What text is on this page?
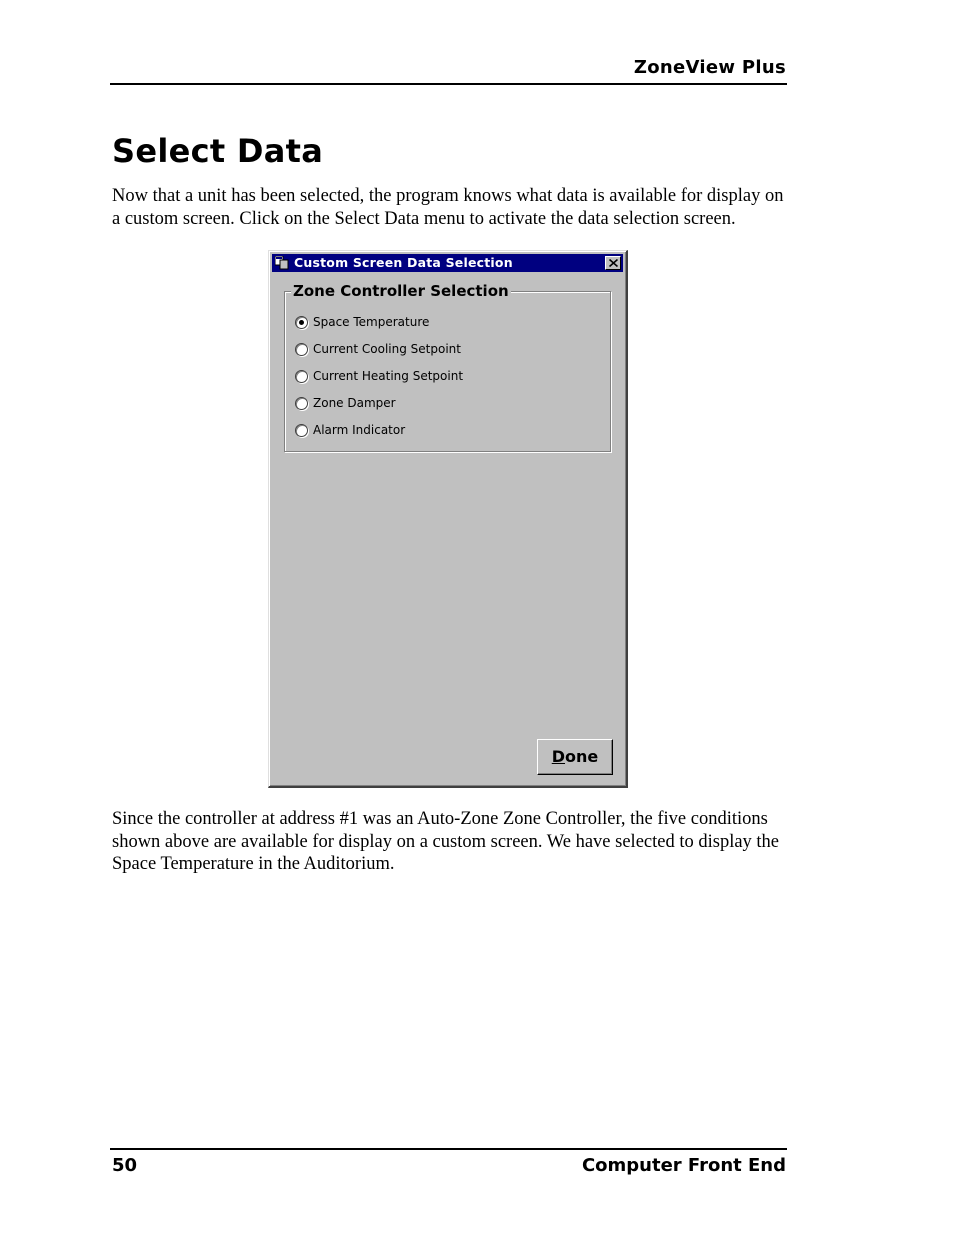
ZoneView Plus
Select Data

Now that a unit has been selected, the program knows what data is available for display on a custom screen. Click on the Select Data menu to activate the data selection screen.

Custom Screen Data Selection
Zone Controller Selection
Space Temperature
Current Cooling Setpoint
Current Heating Setpoint
Zone Damper
Alarm Indicator
Done

Since the controller at address #1 was an Auto-Zone Zone Controller, the five conditions shown above are available for display on a custom screen. We have selected to display the Space Temperature in the Auditorium.

50	Computer Front End
